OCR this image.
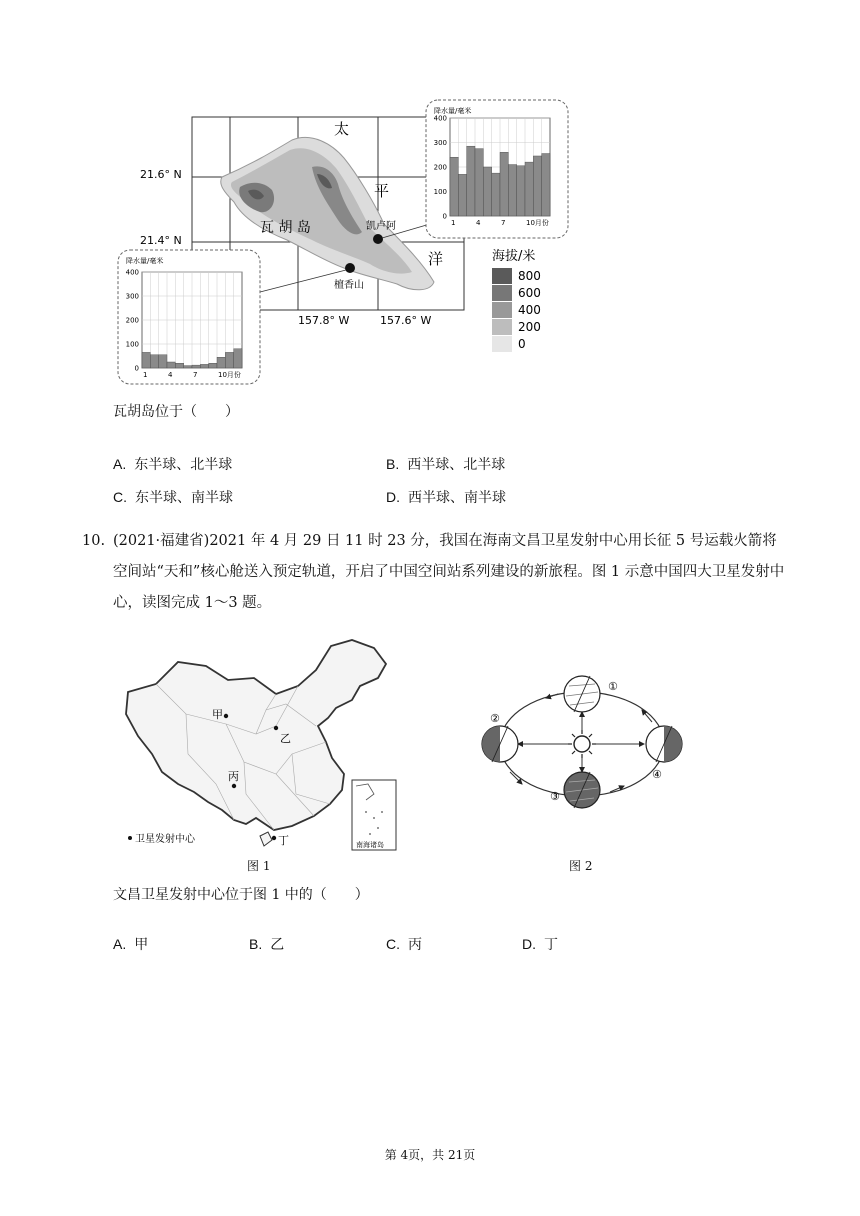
21.6° N
21.4° N
157.8° W	157.6° W
太
平
洋
瓦 胡 岛	凯卢阿
檀香山
海拔/米
800
600
400
200
0
降水量/毫米
400
300
200
100
0
1	4	7	10月份
降水量/毫米
400
300
200
100
0
1	4	7	10月份
瓦胡岛位于（　　）
A. 东半球、北半球	B. 西半球、北半球
C. 东半球、南半球	D. 西半球、南半球
10. (2021·福建省)2021 年 4 月 29 日 11 时 23 分，我国在海南文昌卫星发射中心用长征 5 号运载火箭将空间站“天和”核心舱送入预定轨道，开启了中国空间站系列建设的新旅程。图 1 示意中国四大卫星发射中心，读图完成 1～3 题。
南海诸岛
甲
乙
丙
丁
卫星发射中心
图 1
①
②
③
④
图 2
文昌卫星发射中心位于图 1 中的（　　）
A. 甲	B. 乙	C. 丙	D. 丁
第 4页，共 21页
